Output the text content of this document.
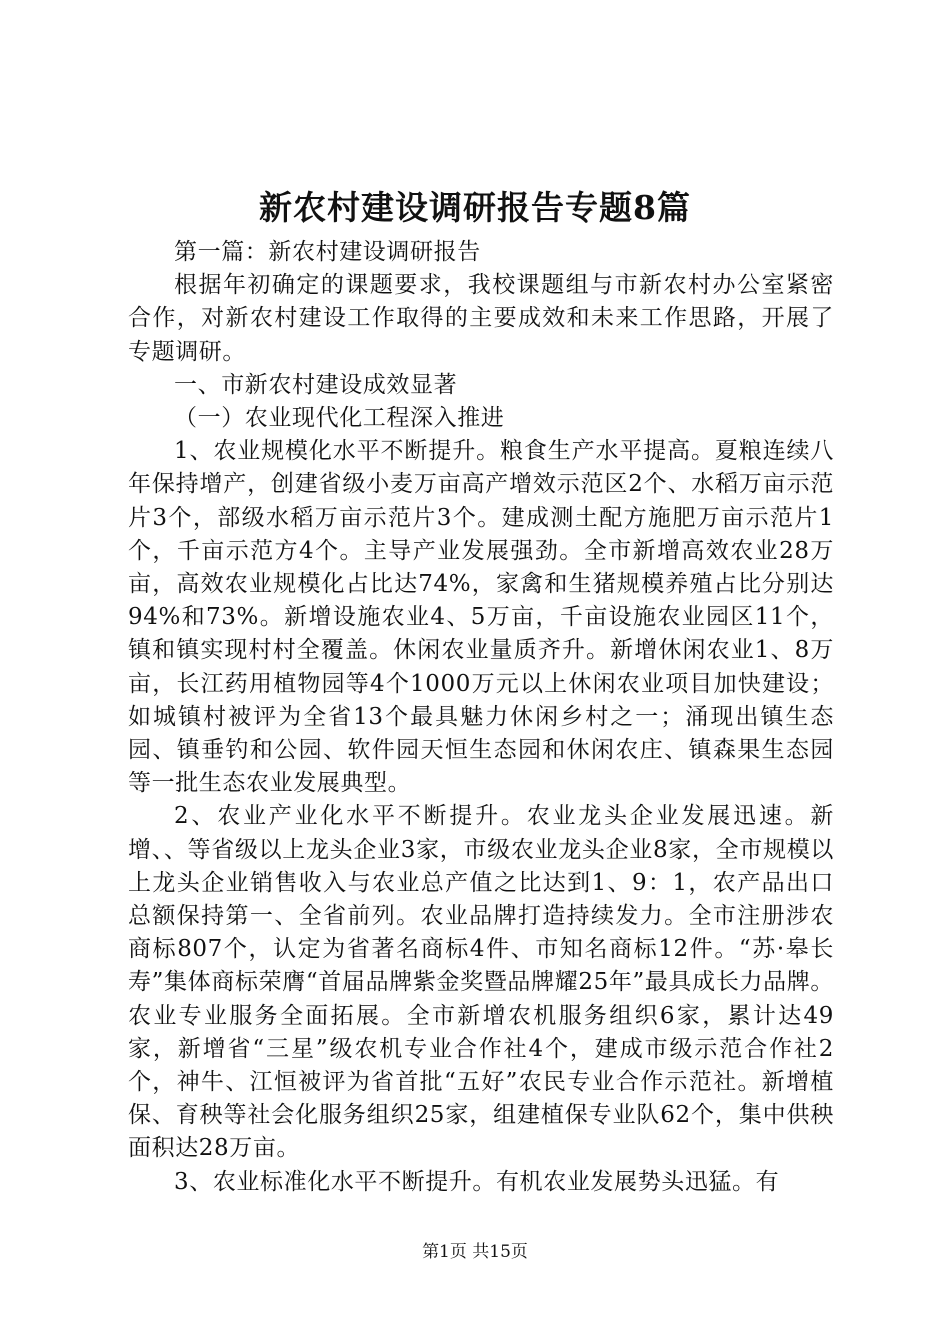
新农村建设调研报告专题8篇

第一篇：新农村建设调研报告

根据年初确定的课题要求，我校课题组与市新农村办公室紧密合作，对新农村建设工作取得的主要成效和未来工作思路，开展了专题调研。

一、市新农村建设成效显著

（一）农业现代化工程深入推进

1、农业规模化水平不断提升。粮食生产水平提高。夏粮连续八年保持增产，创建省级小麦万亩高产增效示范区2个、水稻万亩示范片3个，部级水稻万亩示范片3个。建成测土配方施肥万亩示范片1个，千亩示范方4个。主导产业发展强劲。全市新增高效农业28万亩，高效农业规模化占比达74%，家禽和生猪规模养殖占比分别达94%和73%。新增设施农业4、5万亩，千亩设施农业园区11个，镇和镇实现村村全覆盖。休闲农业量质齐升。新增休闲农业1、8万亩，长江药用植物园等4个1000万元以上休闲农业项目加快建设；如城镇村被评为全省13个最具魅力休闲乡村之一；涌现出镇生态园、镇垂钓和公园、软件园天恒生态园和休闲农庄、镇森果生态园等一批生态农业发展典型。

2、农业产业化水平不断提升。农业龙头企业发展迅速。新增、、等省级以上龙头企业3家，市级农业龙头企业8家，全市规模以上龙头企业销售收入与农业总产值之比达到1、9：1，农产品出口总额保持第一、全省前列。农业品牌打造持续发力。全市注册涉农商标807个，认定为省著名商标4件、市知名商标12件。“苏·皋长寿”集体商标荣膺“首届品牌紫金奖暨品牌耀25年”最具成长力品牌。农业专业服务全面拓展。全市新增农机服务组织6家，累计达49家，新增省“三星”级农机专业合作社4个，建成市级示范合作社2个，神牛、江恒被评为省首批“五好”农民专业合作示范社。新增植保、育秧等社会化服务组织25家，组建植保专业队62个，集中供秧面积达28万亩。

3、农业标准化水平不断提升。有机农业发展势头迅猛。有

第1页 共15页
